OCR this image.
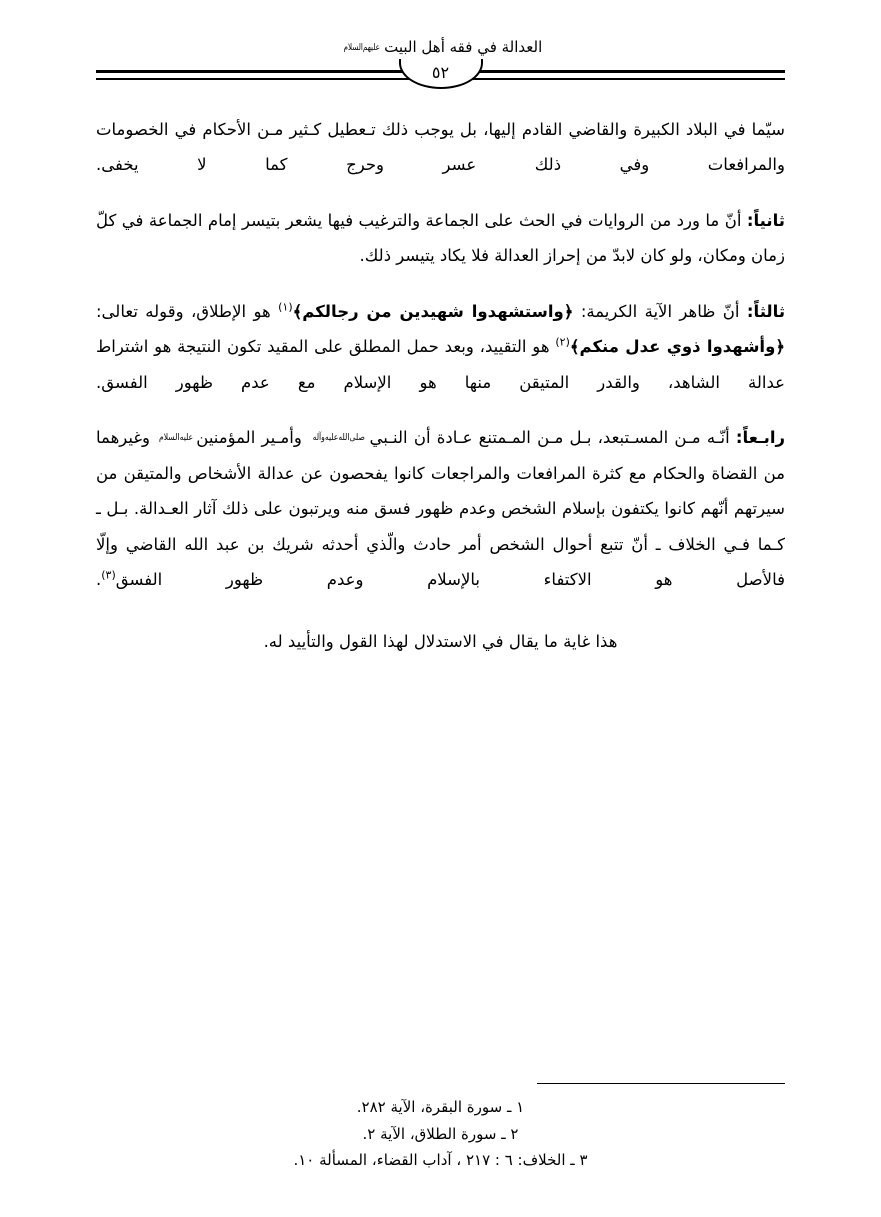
العدالة في فقه أهل البيتعليهم‌السلام
٥٢

سيّما في البلاد الكبيرة والقاضي القادم إليها، بل يوجب ذلك تـعطيل كـثير مـن الأحكام في الخصومات والمرافعات وفي ذلك عسر وحرج كما لا يخفى.

ثانياً: أنّ ما ورد من الروايات في الحث على الجماعة والترغيب فيها يشعر بتيسر إمام الجماعة في كلّ زمان ومكان، ولو كان لابدّ من إحراز العدالة فلا يكاد يتيسر ذلك.

ثالثاً: أنّ ظاهر الآية الكريمة: ﴿واستشهدوا شهيدين من رجالكم﴾$^{(١)}$ هو الإطلاق، وقوله تعالى: ﴿وأشهدوا ذوي عدل منكم﴾$^{(٢)}$ هو التقييد، وبعد حمل المطلق على المقيد تكون النتيجة هو اشتراط عدالة الشاهد، والقدر المتيقن منها هو الإسلام مع عدم ظهور الفسق.

رابـعاً: أنّـه مـن المسـتبعد، بـل مـن المـمتنع عـادة أن النـبيصلى‌الله‌عليه‌وآله وأمـير المؤمنينعليه‌السلام وغيرهما من القضاة والحكام مع كثرة المرافعات والمراجعات كانوا يفحصون عن عدالة الأشخاص والمتيقن من سيرتهم أنّهم كانوا يكتفون بإسلام الشخص وعدم ظهور فسق منه ويرتبون على ذلك آثار العـدالة. بـل ـ كـما فـي الخلاف ـ أنّ تتبع أحوال الشخص أمر حادث والّذي أحدثه شريك بن عبد الله القاضي وإلّا فالأصل هو الاكتفاء بالإسلام وعدم ظهور الفسق$^{(٣)}$.

هذا غاية ما يقال في الاستدلال لهذا القول والتأييد له.

١ ـ سورة البقرة، الآية ٢٨٢.

٢ ـ سورة الطلاق، الآية ٢.

٣ ـ الخلاف: ٦ : ٢١٧ ، آداب القضاء، المسألة ١٠.
